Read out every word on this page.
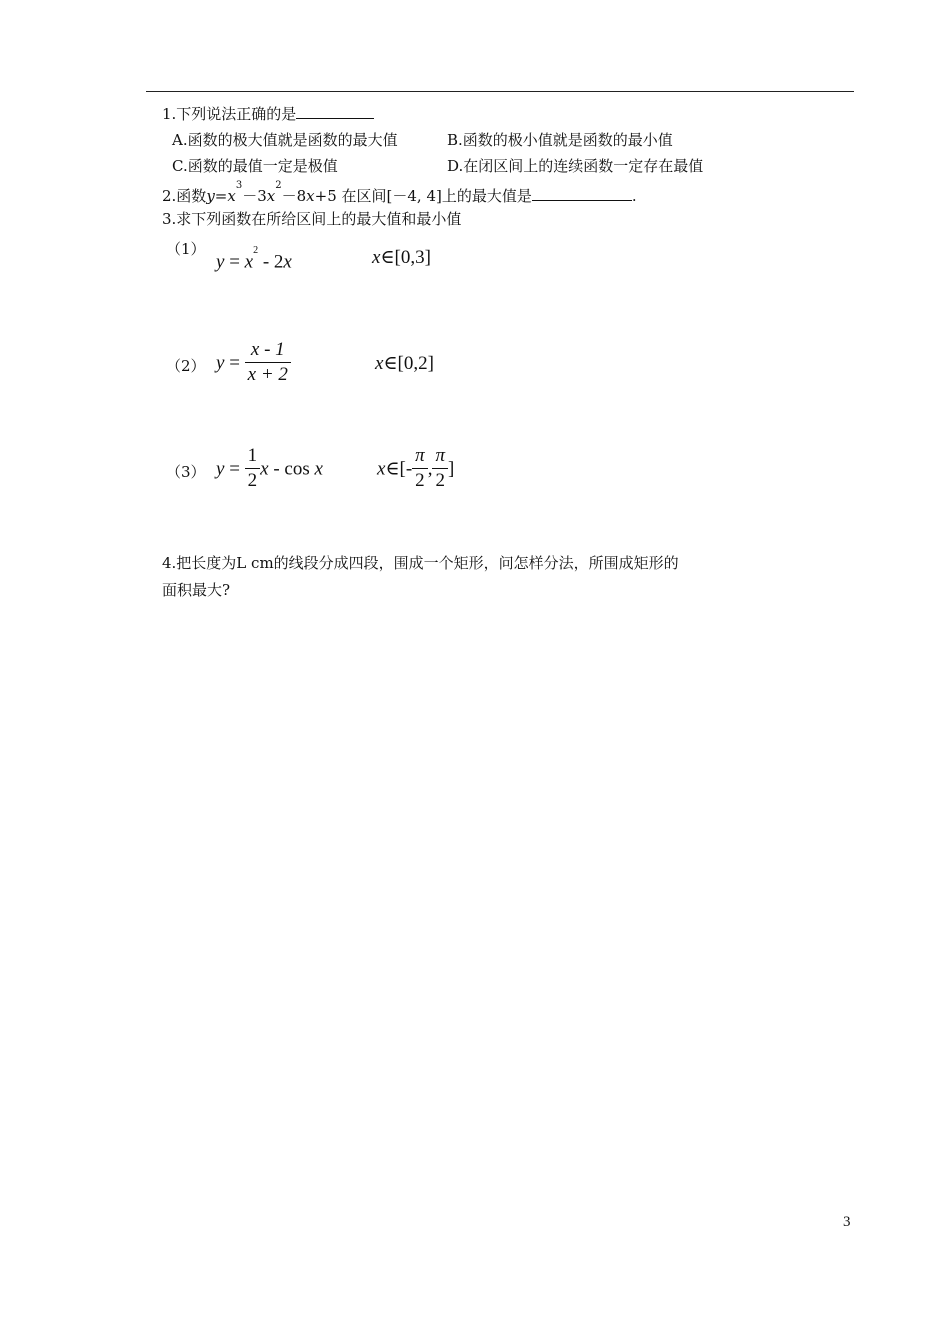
1.下列说法正确的是
A.函数的极大值就是函数的最大值	B.函数的极小值就是函数的最小值
C.函数的最值一定是极值	D.在闭区间上的连续函数一定存在最值
2.函数$y=x^3-3x^2-8x+5$ 在区间[－4, 4]上的最大值是	.
3.求下列函数在所给区间上的最大值和最小值
（1）
$y = x^2 - 2x$	x∈[0,3]
（2） $y = \frac{x - 1}{x + 2}$	x∈[0,2]
（3） $y = \frac{1}{2}$ x - cos x	x∈[- $\frac{\pi}{2}$ , $\frac{\pi}{2}$ ]
4.把长度为L cm的线段分成四段，围成一个矩形，问怎样分法，所围成矩形的
面积最大?
3
